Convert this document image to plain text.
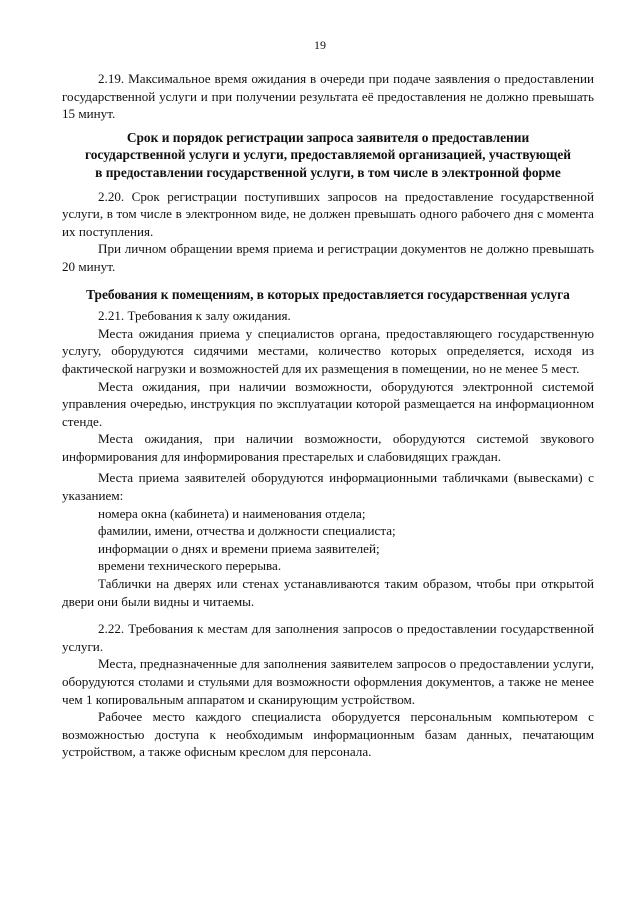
19

2.19. Максимальное время ожидания в очереди при подаче заявления о предоставлении государственной услуги и при получении результата её предоставления не должно превышать 15 минут.

Срок и порядок регистрации запроса заявителя о предоставлении государственной услуги и услуги, предоставляемой организацией, участвующей в предоставлении государственной услуги, в том числе в электронной форме

2.20. Срок регистрации поступивших запросов на предоставление государственной услуги, в том числе в электронном виде, не должен превышать одного рабочего дня с момента их поступления.

При личном обращении время приема и регистрации документов не должно превышать 20 минут.

Требования к помещениям, в которых предоставляется государственная услуга

2.21. Требования к залу ожидания.

Места ожидания приема у специалистов органа, предоставляющего государственную услугу, оборудуются сидячими местами, количество которых определяется, исходя из фактической нагрузки и возможностей для их размещения в помещении, но не менее 5 мест.

Места ожидания, при наличии возможности, оборудуются электронной системой управления очередью, инструкция по эксплуатации которой размещается на информационном стенде.

Места ожидания, при наличии возможности, оборудуются системой звукового информирования для информирования престарелых и слабовидящих граждан.

Места приема заявителей оборудуются информационными табличками (вывесками) с указанием:

номера окна (кабинета) и наименования отдела;

фамилии, имени, отчества и должности специалиста;

информации о днях и времени приема заявителей;

времени технического перерыва.

Таблички на дверях или стенах устанавливаются таким образом, чтобы при открытой двери они были видны и читаемы.

2.22. Требования к местам для заполнения запросов о предоставлении государственной услуги.

Места, предназначенные для заполнения заявителем запросов о предоставлении услуги, оборудуются столами и стульями для возможности оформления документов, а также не менее чем 1 копировальным аппаратом и сканирующим устройством.

Рабочее место каждого специалиста оборудуется персональным компьютером с возможностью доступа к необходимым информационным базам данных, печатающим устройством, а также офисным креслом для персонала.
